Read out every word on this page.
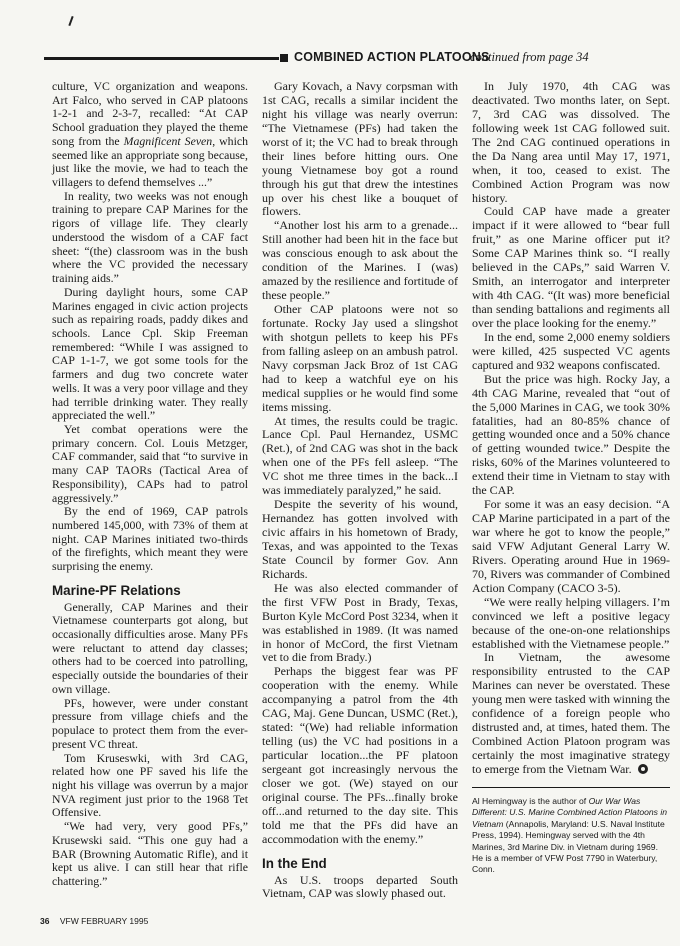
COMBINED ACTION PLATOONS
continued from page 34

culture, VC organization and weapons. Art Falco, who served in CAP platoons 1-2-1 and 2-3-7, recalled: “At CAP School graduation they played the theme song from the Magnificent Seven, which seemed like an appropriate song because, just like the movie, we had to teach the villagers to defend themselves ...”

In reality, two weeks was not enough training to prepare CAP Marines for the rigors of village life. They clearly understood the wisdom of a CAF fact sheet: “(the) classroom was in the bush where the VC provided the necessary training aids.”

During daylight hours, some CAP Marines engaged in civic action projects such as repairing roads, paddy dikes and schools. Lance Cpl. Skip Freeman remembered: “While I was assigned to CAP 1-1-7, we got some tools for the farmers and dug two concrete water wells. It was a very poor village and they had terrible drinking water. They really appreciated the well.”

Yet combat operations were the primary concern. Col. Louis Metzger, CAF commander, said that “to survive in many CAP TAORs (Tactical Area of Responsibility), CAPs had to patrol aggressively.”

By the end of 1969, CAP patrols numbered 145,000, with 73% of them at night. CAP Marines initiated two-thirds of the firefights, which meant they were surprising the enemy.

Marine-PF Relations

Generally, CAP Marines and their Vietnamese counterparts got along, but occasionally difficulties arose. Many PFs were reluctant to attend day classes; others had to be coerced into patrolling, especially outside the boundaries of their own village.

PFs, however, were under constant pressure from village chiefs and the populace to protect them from the ever-present VC threat.

Tom Kruseswki, with 3rd CAG, related how one PF saved his life the night his village was overrun by a major NVA regiment just prior to the 1968 Tet Offensive.

“We had very, very good PFs,” Krusewski said. “This one guy had a BAR (Browning Automatic Rifle), and it kept us alive. I can still hear that rifle chattering.”

Gary Kovach, a Navy corpsman with 1st CAG, recalls a similar incident the night his village was nearly overrun: “The Vietnamese (PFs) had taken the worst of it; the VC had to break through their lines before hitting ours. One young Vietnamese boy got a round through his gut that drew the intestines up over his chest like a bouquet of flowers.

“Another lost his arm to a grenade... Still another had been hit in the face but was conscious enough to ask about the condition of the Marines. I (was) amazed by the resilience and fortitude of these people.”

Other CAP platoons were not so fortunate. Rocky Jay used a slingshot with shotgun pellets to keep his PFs from falling asleep on an ambush patrol. Navy corpsman Jack Broz of 1st CAG had to keep a watchful eye on his medical supplies or he would find some items missing.

At times, the results could be tragic. Lance Cpl. Paul Hernandez, USMC (Ret.), of 2nd CAG was shot in the back when one of the PFs fell asleep. “The VC shot me three times in the back...I was immediately paralyzed,” he said.

Despite the severity of his wound, Hernandez has gotten involved with civic affairs in his hometown of Brady, Texas, and was appointed to the Texas State Council by former Gov. Ann Richards.

He was also elected commander of the first VFW Post in Brady, Texas, Burton Kyle McCord Post 3234, when it was established in 1989. (It was named in honor of McCord, the first Vietnam vet to die from Brady.)

Perhaps the biggest fear was PF cooperation with the enemy. While accompanying a patrol from the 4th CAG, Maj. Gene Duncan, USMC (Ret.), stated: “(We) had reliable information telling (us) the VC had positions in a particular location...the PF platoon sergeant got increasingly nervous the closer we got. (We) stayed on our original course. The PFs...finally broke off...and returned to the day site. This told me that the PFs did have an accommodation with the enemy.”

In the End

As U.S. troops departed South Vietnam, CAP was slowly phased out.

In July 1970, 4th CAG was deactivated. Two months later, on Sept. 7, 3rd CAG was dissolved. The following week 1st CAG followed suit. The 2nd CAG continued operations in the Da Nang area until May 17, 1971, when, it too, ceased to exist. The Combined Action Program was now history.

Could CAP have made a greater impact if it were allowed to “bear full fruit,” as one Marine officer put it? Some CAP Marines think so. “I really believed in the CAPs,” said Warren V. Smith, an interrogator and interpreter with 4th CAG. “(It was) more beneficial than sending battalions and regiments all over the place looking for the enemy.”

In the end, some 2,000 enemy soldiers were killed, 425 suspected VC agents captured and 932 weapons confiscated.

But the price was high. Rocky Jay, a 4th CAG Marine, revealed that “out of the 5,000 Marines in CAG, we took 30% fatalities, had an 80-85% chance of getting wounded once and a 50% chance of getting wounded twice.” Despite the risks, 60% of the Marines volunteered to extend their time in Vietnam to stay with the CAP.

For some it was an easy decision. “A CAP Marine participated in a part of the war where he got to know the people,” said VFW Adjutant General Larry W. Rivers. Operating around Hue in 1969-70, Rivers was commander of Combined Action Company (CACO 3-5).

“We were really helping villagers. I’m convinced we left a positive legacy because of the one-on-one relationships established with the Vietnamese people.”

In Vietnam, the awesome responsibility entrusted to the CAP Marines can never be overstated. These young men were tasked with winning the confidence of a foreign people who distrusted and, at times, hated them. The Combined Action Platoon program was certainly the most imaginative strategy to emerge from the Vietnam War.

Al Hemingway is the author of Our War Was Different: U.S. Marine Combined Action Platoons in Vietnam (Annapolis, Maryland: U.S. Naval Institute Press, 1994). Hemingway served with the 4th Marines, 3rd Marine Div. in Vietnam during 1969. He is a member of VFW Post 7790 in Waterbury, Conn.

36 VFW FEBRUARY 1995
